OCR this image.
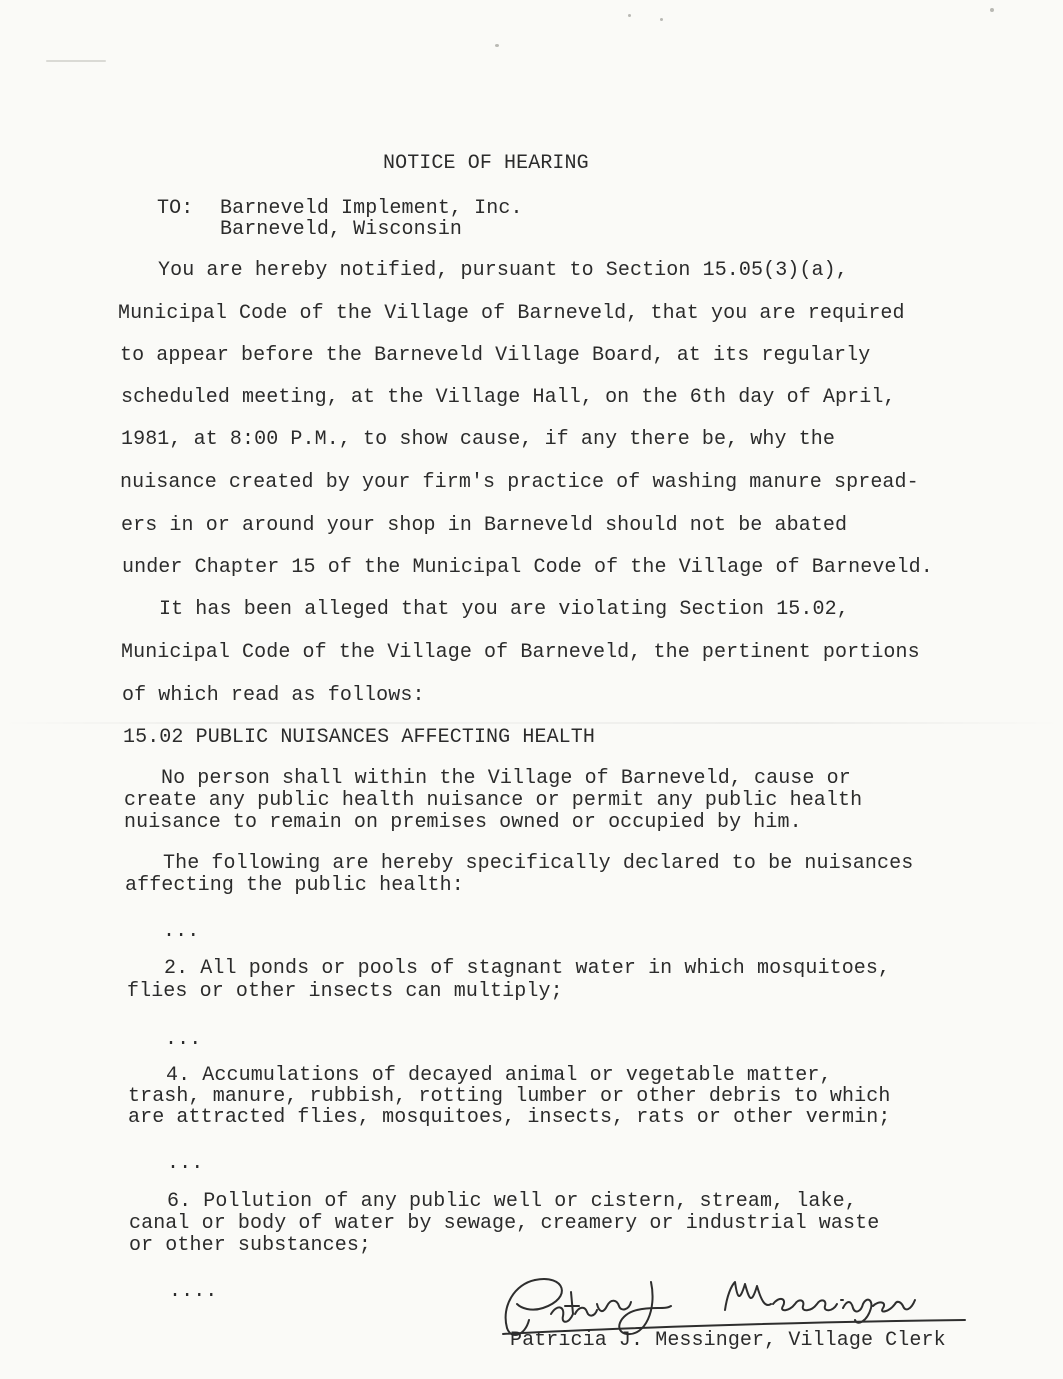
NOTICE OF HEARING
TO: Barneveld Implement, Inc.
Barneveld, Wisconsin
You are hereby notified, pursuant to Section 15.05(3)(a),
Municipal Code of the Village of Barneveld, that you are required
to appear before the Barneveld Village Board, at its regularly
scheduled meeting, at the Village Hall, on the 6th day of April,
1981, at 8:00 P.M., to show cause, if any there be, why the
nuisance created by your firm's practice of washing manure spread-
ers in or around your shop in Barneveld should not be abated
under Chapter 15 of the Municipal Code of the Village of Barneveld.
It has been alleged that you are violating Section 15.02,
Municipal Code of the Village of Barneveld, the pertinent portions
of which read as follows:
15.02 PUBLIC NUISANCES AFFECTING HEALTH
No person shall within the Village of Barneveld, cause or
create any public health nuisance or permit any public health
nuisance to remain on premises owned or occupied by him.
The following are hereby specifically declared to be nuisances
affecting the public health:
...
2. All ponds or pools of stagnant water in which mosquitoes,
flies or other insects can multiply;
...
4. Accumulations of decayed animal or vegetable matter,
trash, manure, rubbish, rotting lumber or other debris to which
are attracted flies, mosquitoes, insects, rats or other vermin;
...
6. Pollution of any public well or cistern, stream, lake,
canal or body of water by sewage, creamery or industrial waste
or other substances;
....
Patricia J. Messinger, Village Clerk
